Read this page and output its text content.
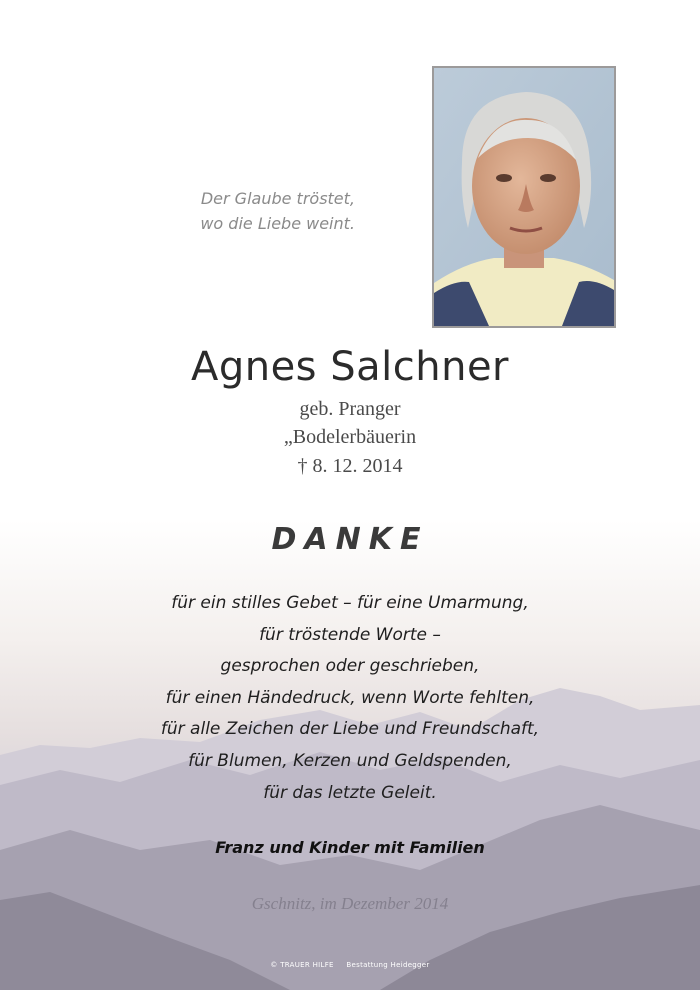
Der Glaube tröstet,
wo die Liebe weint.
Agnes Salchner
geb. Pranger
„Bodelerbäuerin
† 8. 12. 2014
DANKE
für ein stilles Gebet – für eine Umarmung,
für tröstende Worte –
gesprochen oder geschrieben,
für einen Händedruck, wenn Worte fehlten,
für alle Zeichen der Liebe und Freundschaft,
für Blumen, Kerzen und Geldspenden,
für das letzte Geleit.
Franz und Kinder mit Familien
Gschnitz, im Dezember 2014
© TRAUER HILFE Bestattung Heidegger
